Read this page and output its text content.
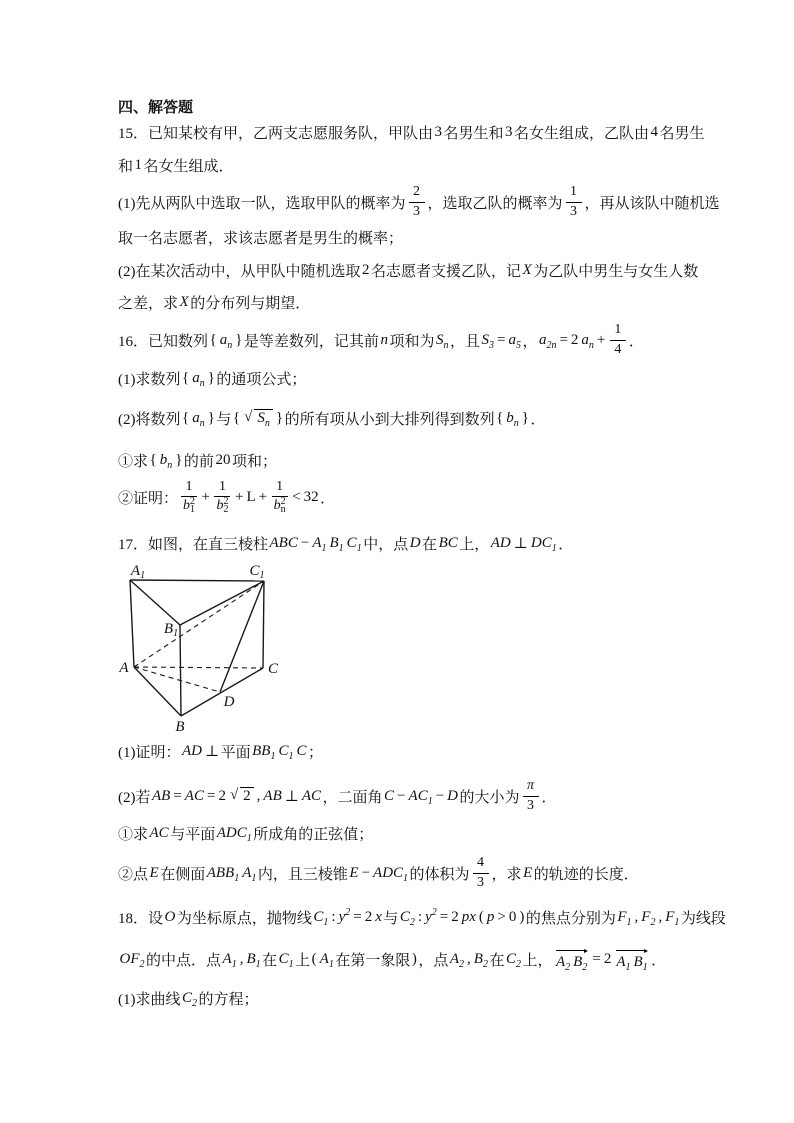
四、解答题
15．已知某校有甲，乙两支志愿服务队，甲队由 3 名男生和 3 名女生组成，乙队由 4 名男生
和 1 名女生组成．
(1)先从两队中选取一队，选取甲队的概率为 $\frac{2}{3}$ ，选取乙队的概率为 $\frac{1}{3}$ ，再从该队中随机选
取一名志愿者，求该志愿者是男生的概率；
(2)在某次活动中，从甲队中随机选取 2 名志愿者支援乙队，记 X 为乙队中男生与女生人数
之差，求 X 的分布列与期望．
16．已知数列 { $a_n$ } 是等差数列，记其前 n 项和为 $S_n$ ，且 $S_3 = a_5$ ， $a_{2n} = 2$ $a_n + \frac{1}{4}$ ．
(1)求数列 { $a_n$ } 的通项公式；
(2)将数列 { $a_n$ } 与 { √ $S_n$ } 的所有项从小到大排列得到数列 { $b_n$ } ．
①求 { $b_n$ } 的前 20 项和；
②证明： 1
b 2
1 + 1
b 2
2 + L + 1
b 2
n < 32 ．
17．如图，在直三棱柱 ABC − $A_1$ $B_1$ $C_1$ 中，点 D 在 BC 上， AD ⊥ $DC_1$ ．
(1)证明： AD ⊥ 平面 $BB_1$ $C_1$ C ；
(2)若 AB = AC = 2 √ 2 , AB ⊥ AC ，二面角 $C - AC_1 - D$ 的大小为 $\frac{\pi}{3}$ ．
①求 AC 与平面 $ADC_1$ 所成角的正弦值；
②点 E 在侧面 $ABB_1$ $A_1$ 内，且三棱锥 $E - ADC_1$ 的体积为 $\frac{4}{3}$ ，求 E 的轨迹的长度．
18．设 O 为坐标原点，抛物线 $C_1$ : $y^2 = 2$ x 与 $C_2$ : $y^2 = 2$ px ( p > 0 ) 的焦点分别为 $F_1$ , $F_2$ , $F_1$ 为线段
$OF_2$ 的中点．点 $A_1$ , $B_1$ 在 $C_1$ 上 ( $A_1$ 在第一象限 ) ，点 $A_2$ , $B_2$ 在 $C_2$ 上， $A_2$ $B_2$
= 2 $A_1$ $B_1$ ．
(1)求曲线 $C_2$ 的方程；
$A_1$	$C_1$
$B_1$
A	C
B
D
